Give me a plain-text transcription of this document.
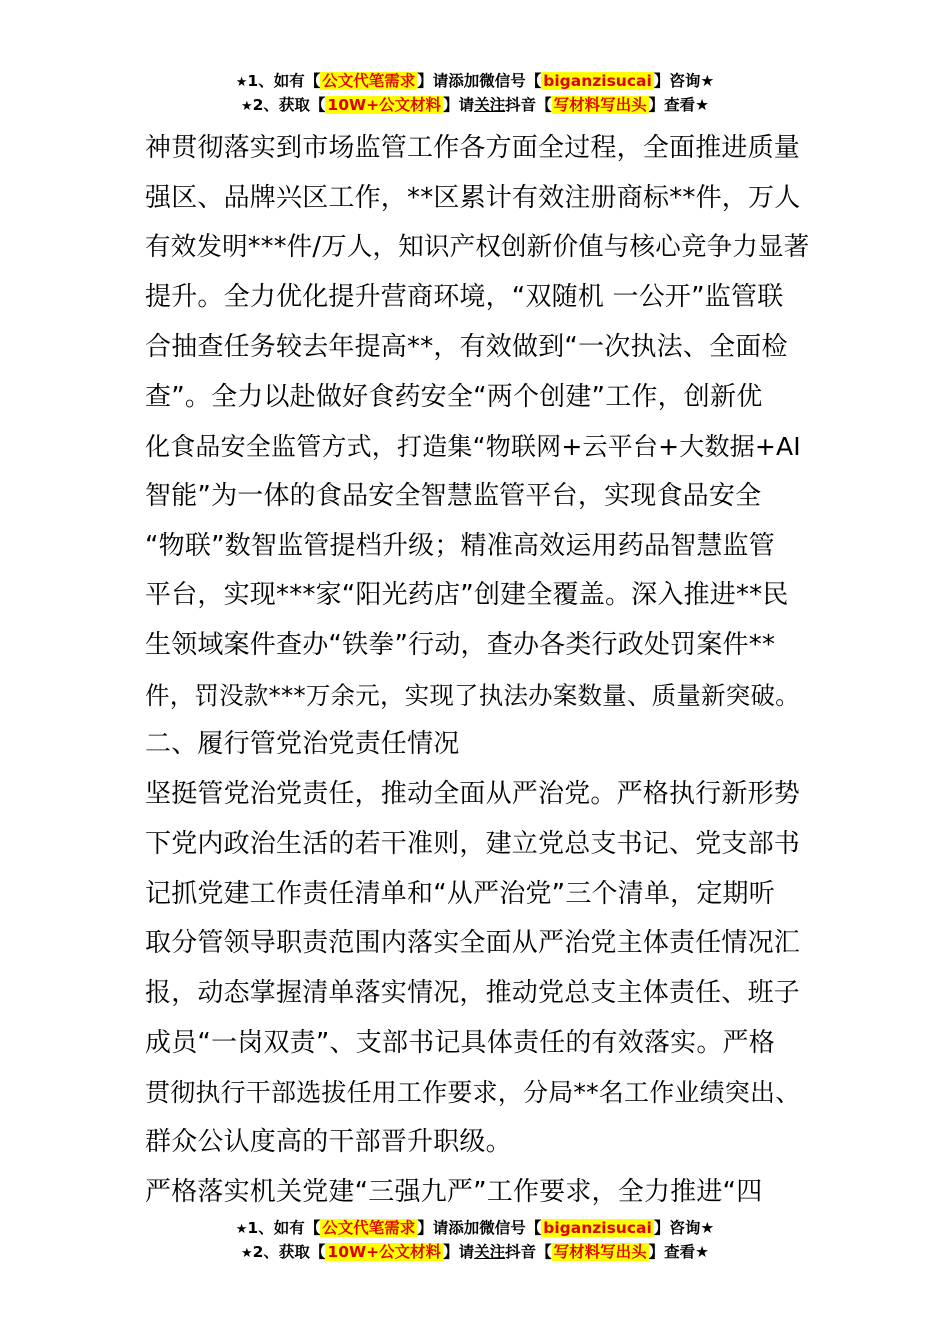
★1、如有【 公文代笔需求 】请添加微信号【 biganzisucai 】咨询★
★2、获取【 10W+公文材料 】请关注抖音【 写材料写出头 】查看★

神贯彻落实到市场监管工作各方面全过程，全面推进质量

强区、品牌兴区工作，**区累计有效注册商标**件，万人

有效发明***件/万人，知识产权创新价值与核心竞争力显著

提升。全力优化提升营商环境，“双随机 一公开”监管联

合抽查任务较去年提高**，有效做到“一次执法、全面检

查”。全力以赴做好食药安全“两个创建”工作，创新优

化食品安全监管方式，打造集“物联网+云平台+大数据+AI

智能”为一体的食品安全智慧监管平台，实现食品安全

“物联”数智监管提档升级；精准高效运用药品智慧监管

平台，实现***家“阳光药店”创建全覆盖。深入推进**民

生领域案件查办“铁拳”行动，查办各类行政处罚案件**

件，罚没款***万余元，实现了执法办案数量、质量新突破。

二、履行管党治党责任情况

坚挺管党治党责任，推动全面从严治党。严格执行新形势

下党内政治生活的若干准则，建立党总支书记、党支部书

记抓党建工作责任清单和“从严治党”三个清单，定期听

取分管领导职责范围内落实全面从严治党主体责任情况汇

报，动态掌握清单落实情况，推动党总支主体责任、班子

成员“一岗双责”、支部书记具体责任的有效落实。严格

贯彻执行干部选拔任用工作要求，分局**名工作业绩突出、

群众公认度高的干部晋升职级。

严格落实机关党建“三强九严”工作要求，全力推进“四

★1、如有【 公文代笔需求 】请添加微信号【 biganzisucai 】咨询★
★2、获取【 10W+公文材料 】请关注抖音【 写材料写出头 】查看★
